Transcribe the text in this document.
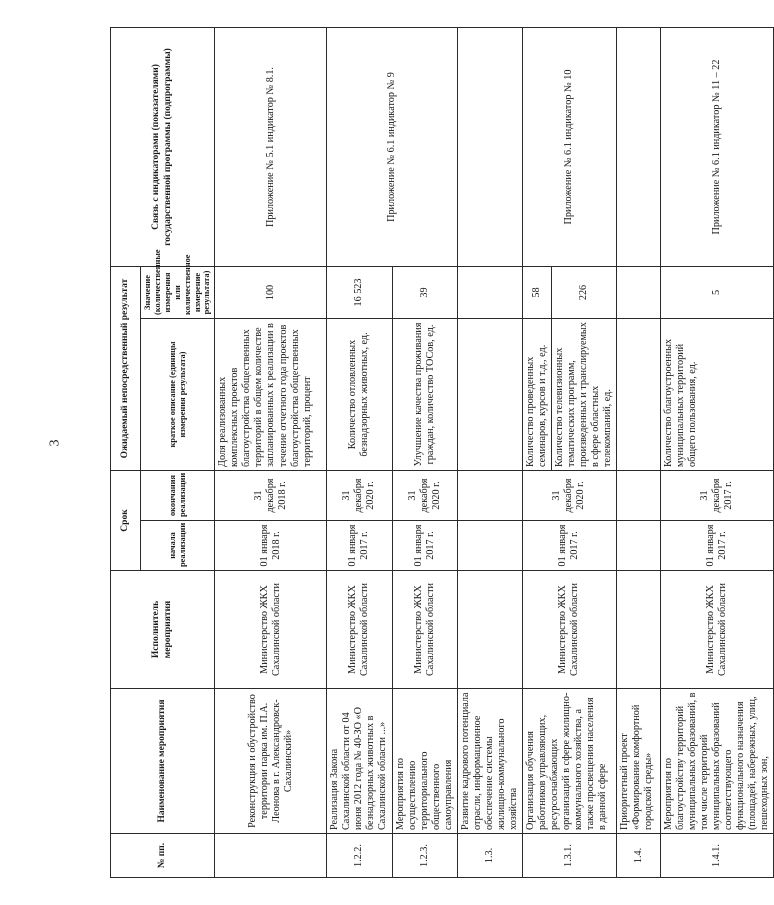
3
№ пп.	Наименование мероприятия	Исполнитель мероприятия	Срок		Ожидаемый непосредственный результат		Связь с индикаторами (показателями) государственной программы (подпрограммы)
			начала реализации	окончания реализации	краткое описание (единицы измерения результата)	Значение (количественные измерения или количественное измерение результата)	
	Реконструкция и обустройство территории парка им. П.А. Леонова в г. Александровск-Сахалинский»	Министерство ЖКХ Сахалинской области	01 января 2018 г.	31 декабря 2018 г.	Доля реализованных комплексных проектов благоустройства общественных территорий в общем количестве запланированных к реализации в течение отчетного года проектов благоустройства общественных территорий, процент	100	Приложение № 5.1 индикатор № 8.1.
1.2.2.	Реализация Закона Сахалинской области от 04 июня 2012 года № 40-ЗО «О безнадзорных животных в Сахалинской области ...»	Министерство ЖКХ Сахалинской области	01 января 2017 г.	31 декабря 2020 г.	Количество отловленных безнадзорных животных, ед.	16 523	Приложение № 6.1 индикатор № 9
1.2.3.	Мероприятия по осуществлению территориального общественного самоуправления	Министерство ЖКХ Сахалинской области	01 января 2017 г.	31 декабря 2020 г.	Улучшение качества проживания граждан, количество ТОСов, ед.	39	
1.3.	Развитие кадрового потенциала отрасли, информационное обеспечение системы жилищно-коммунального хозяйства						
1.3.1.	Организация обучения работников управляющих, ресурсоснабжающих организаций в сфере жилищно-коммунального хозяйства, а также просвещения населения в данной сфере	Министерство ЖКХ Сахалинской области	01 января 2017 г.	31 декабря 2020 г.	Количество проведенных семинаров, курсов и т.д., ед.	58	Приложение № 6.1 индикатор № 10
					Количество телевизионных тематических программ, произведенных и транслируемых в сфере областных телекомпаний, ед.	226	
1.4.	Приоритетный проект «Формирование комфортной городской среды»						
1.4.1.	Мероприятия по благоустройству территорий муниципальных образований, в том числе территорий муниципальных образований соответствующего функционального назначения (площадей, набережных, улиц, пешеходных зон,	Министерство ЖКХ Сахалинской области	01 января 2017 г.	31 декабря 2017 г.	Количество благоустроенных муниципальных территорий общего пользования, ед.	5	Приложение № 6.1 индикатор № 11 – 22
